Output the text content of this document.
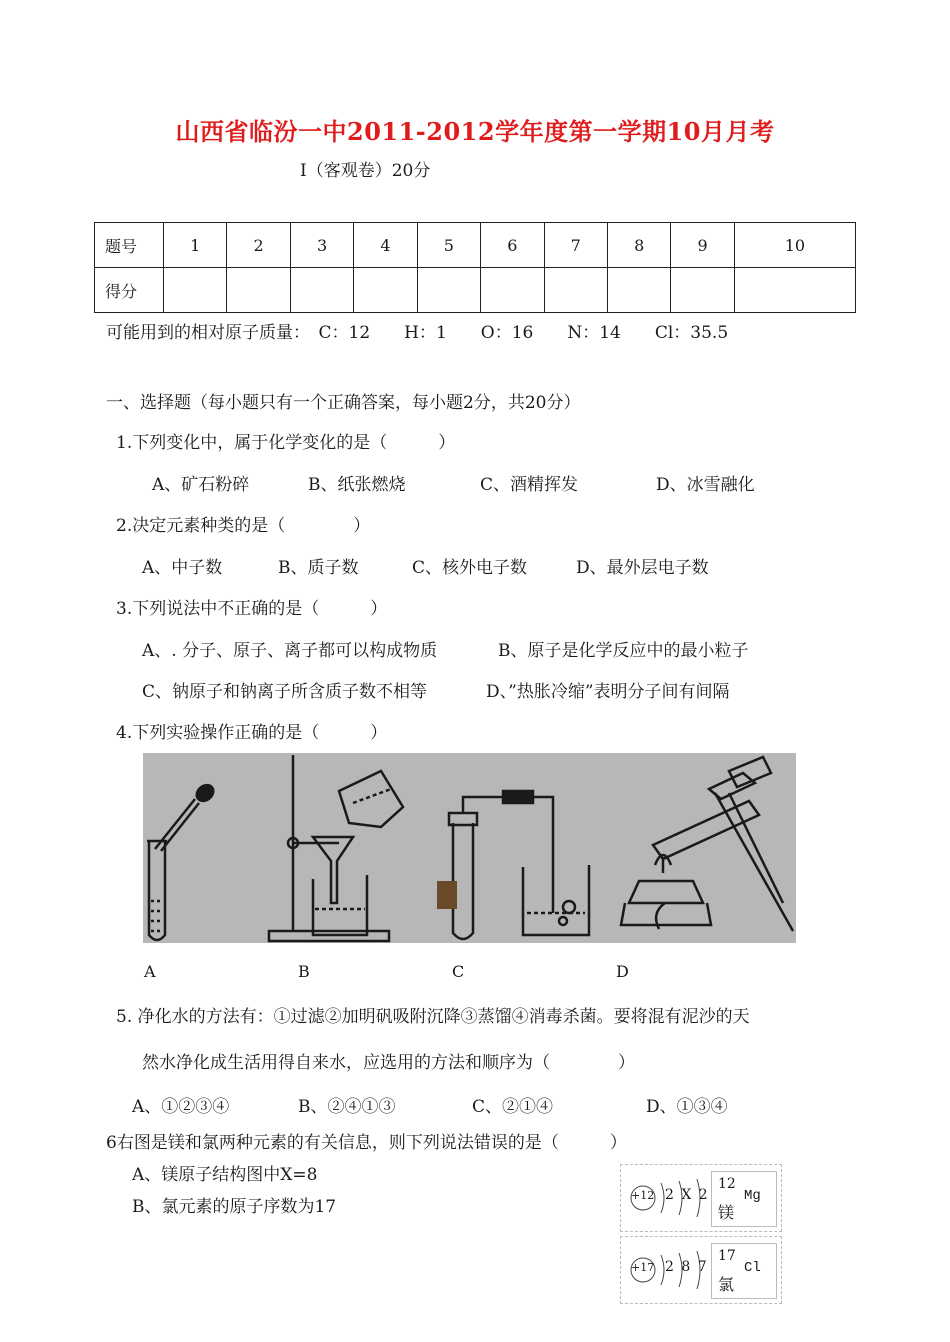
山西省临汾一中2011-2012学年度第一学期10月月考
Ⅰ（客观卷）20分
题号	1	2	3	4	5	6	7	8	9	10
得分										
可能用到的相对原子质量：　C：12　　H：1　　O：16　　N：14　　Cl：35.5
一、选择题（每小题只有一个正确答案，每小题2分，共20分）
1.下列变化中，属于化学变化的是（　　　）
A、矿石粉碎	B、纸张燃烧	C、酒精挥发	D、冰雪融化
2.决定元素种类的是（　　　　）
A、中子数	B、质子数	C、核外电子数	D、最外层电子数
3.下列说法中不正确的是（　　　）
A、. 分子、原子、离子都可以构成物质	B、原子是化学反应中的最小粒子
C、钠原子和钠离子所含质子数不相等	D、”热胀冷缩”表明分子间有间隔
4.下列实验操作正确的是（　　　）
A	B	C	D
5. 净化水的方法有：①过滤②加明矾吸附沉降③蒸馏④消毒杀菌。要将混有泥沙的天
然水净化成生活用得自来水，应选用的方法和顺序为（　　　　）
A、①②③④	B、②④①③	C、②①④	D、①③④
6右图是镁和氯两种元素的有关信息，则下列说法错误的是（　　　）
A、镁原子结构图中X=8
B、氯元素的原子序数为17
+12 2 X 2
12
Mg
镁
+17 2 8 7
17
Cl
氯
